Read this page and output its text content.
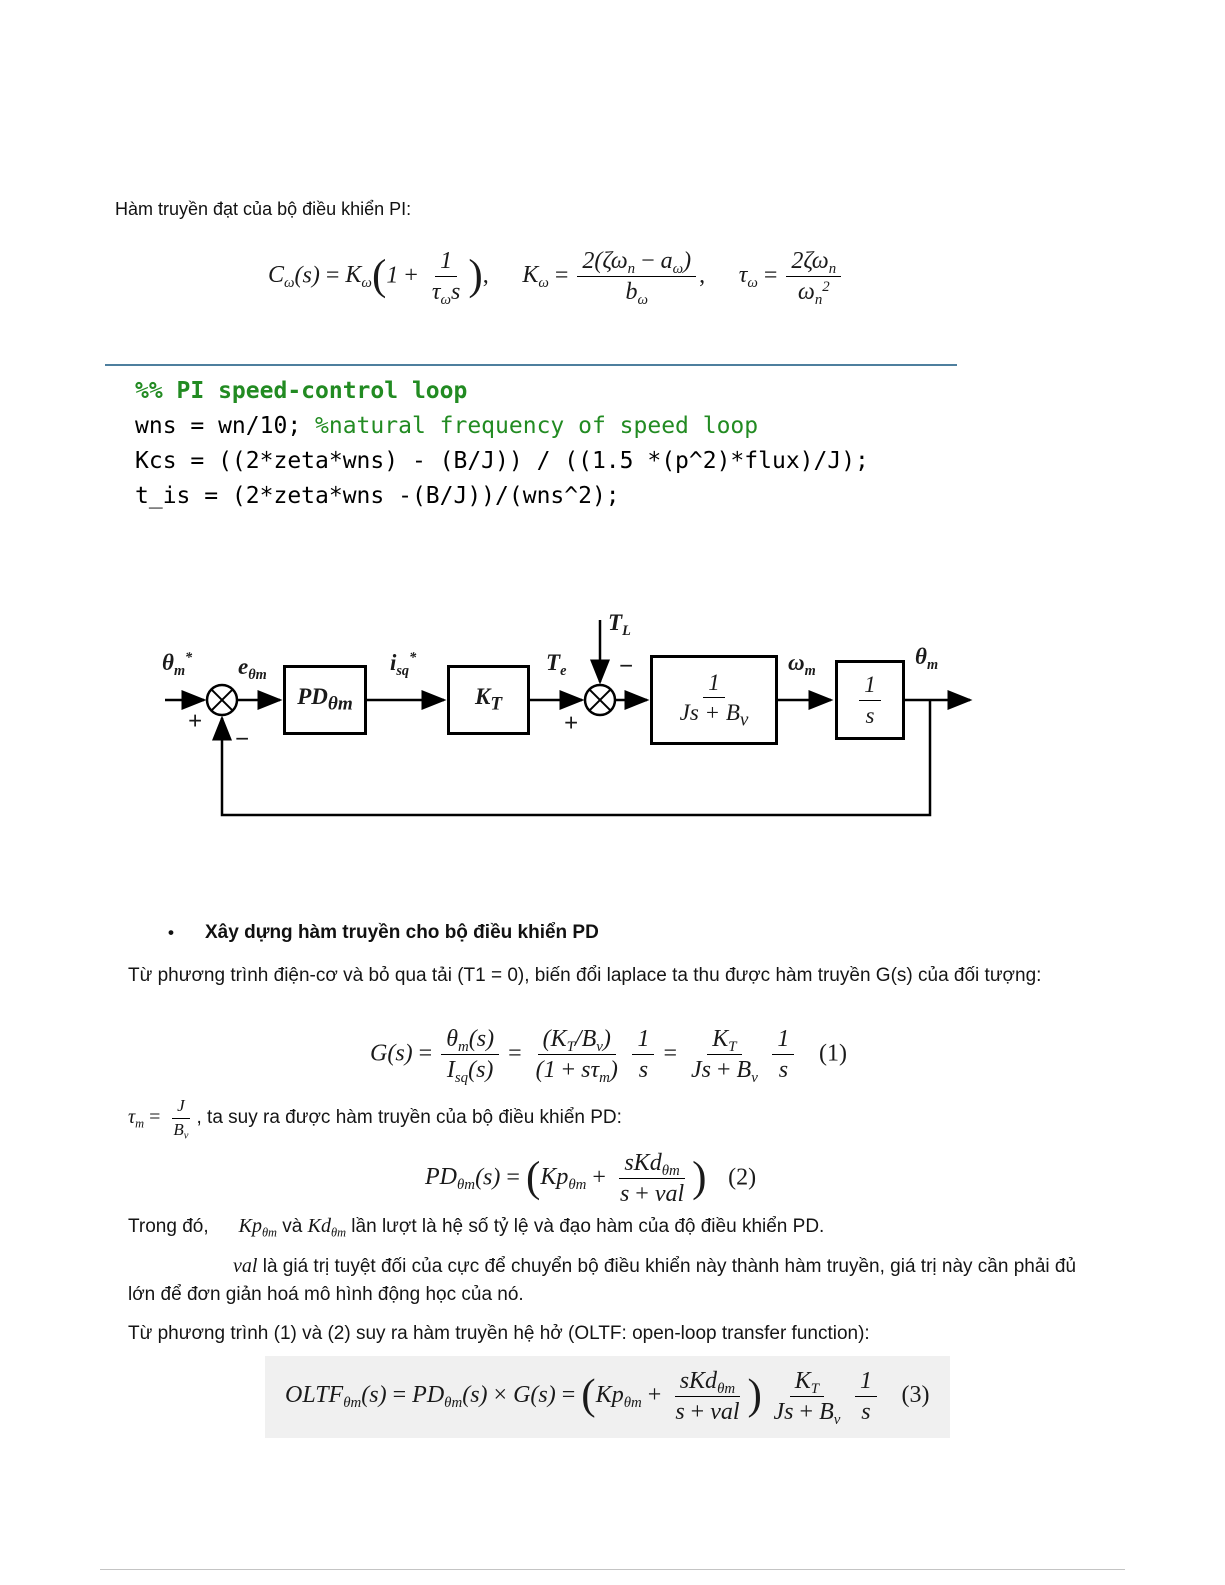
Hàm truyền đạt của bộ điều khiển PI:
$C_\omega(s) = K_\omega(1 + \frac{1}{\tau_\omega s}$ ), $K_\omega = \frac{2(\zeta\omega_n - a_\omega)}{b_\omega}$ , $\tau_\omega = \frac{2\zeta\omega_n}{\omega_n^2}$
%% PI speed-control loop
wns = wn/10; %natural frequency of speed loop
Kcs = ((2*zeta*wns) - (B/J)) / ((1.5 *(p^2)*flux)/J);
t_is = (2*zeta*wns -(B/J))/(wns^2);
$PD_{\theta m}$	$K_T$	$\frac{1}{Js + B_v}$	$\frac{1}{s}$
$\theta_m^*$ $e_{\theta m}$	$i_{sq}^*$	$T_e$
$T_L$
$\omega_m$
$\theta_m$
+
−
−
+
• Xây dựng hàm truyền cho bộ điều khiển PD

Từ phương trình điện-cơ và bỏ qua tải (T1 = 0), biến đổi laplace ta thu được hàm truyền G(s) của đối tượng:

$G(s) = \frac{\theta_m(s)}{I_{sq}(s)} = \frac{(K_T/B_v)}{(1 + s\tau_m)} \frac{1}{s} = \frac{K_T}{Js + B_v} \frac{1}{s} (1)$

$\tau_m = \frac{J}{B_v}$ , ta suy ra được hàm truyền của bộ điều khiển PD:

$PD_{\theta m}(s) = (Kp_{\theta m} + \frac{sKd_{\theta m}}{\text{s + val}}$ ) (2)

Trong đó, $Kp_{\theta m}$ và $Kd_{\theta m}$ lần lượt là hệ số tỷ lệ và đạo hàm của độ điều khiển PD.

val là giá trị tuyệt đối của cực để chuyển bộ điều khiển này thành hàm truyền, giá trị này cần phải đủ lớn để đơn giản hoá mô hình động học của nó.

Từ phương trình (1) và (2) suy ra hàm truyền hệ hở (OLTF: open-loop transfer function):

$OLTF_{\theta m}(s) = PD_{\theta m}(s) \times G(s) = (Kp_{\theta m} + \frac{sKd_{\theta m}}{\text{s + val}}$ ) $\frac{K_T}{Js + B_v} \frac{1}{s} (3)$
